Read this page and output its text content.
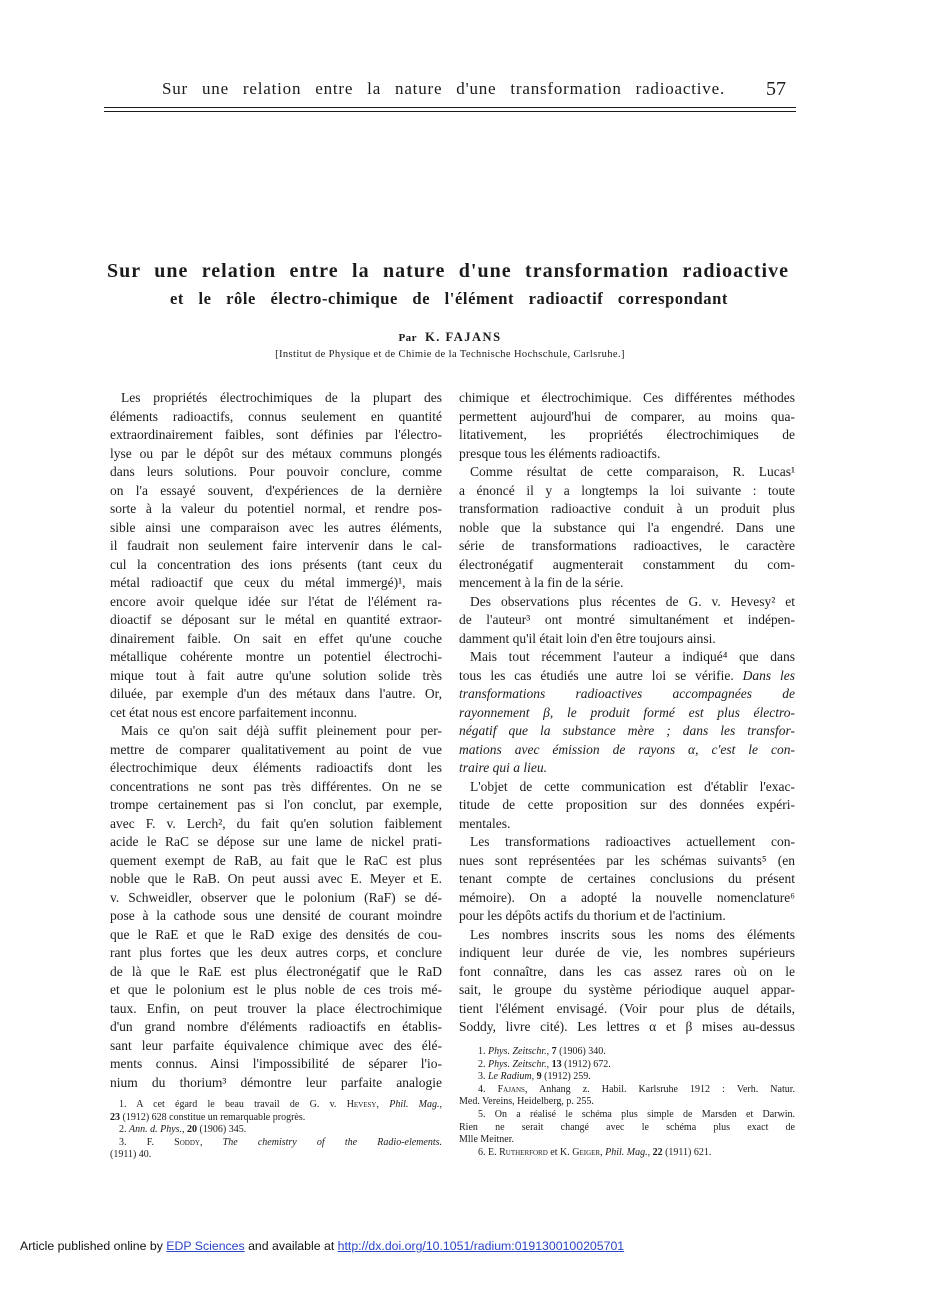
Sur une relation entre la nature d'une transformation radioactive. 57
Sur une relation entre la nature d'une transformation radioactive
et le rôle électro-chimique de l'élément radioactif correspondant
Par K. FAJANS
[Institut de Physique et de Chimie de la Technische Hochschule, Carlsruhe.]
Les propriétés électrochimiques de la plupart des
éléments radioactifs, connus seulement en quantité
extraordinairement faibles, sont définies par l'électro-
lyse ou par le dépôt sur des métaux communs plongés
dans leurs solutions. Pour pouvoir conclure, comme
on l'a essayé souvent, d'expériences de la dernière
sorte à la valeur du potentiel normal, et rendre pos-
sible ainsi une comparaison avec les autres éléments,
il faudrait non seulement faire intervenir dans le cal-
cul la concentration des ions présents (tant ceux du
métal radioactif que ceux du métal immergé)¹, mais
encore avoir quelque idée sur l'état de l'élément ra-
dioactif se déposant sur le métal en quantité extraor-
dinairement faible. On sait en effet qu'une couche
métallique cohérente montre un potentiel électrochi-
mique tout à fait autre qu'une solution solide très
diluée, par exemple d'un des métaux dans l'autre. Or,
cet état nous est encore parfaitement inconnu.
Mais ce qu'on sait déjà suffit pleinement pour per-
mettre de comparer qualitativement au point de vue
électrochimique deux éléments radioactifs dont les
concentrations ne sont pas très différentes. On ne se
trompe certainement pas si l'on conclut, par exemple,
avec F. v. Lerch², du fait qu'en solution faiblement
acide le RaC se dépose sur une lame de nickel prati-
quement exempt de RaB, au fait que le RaC est plus
noble que le RaB. On peut aussi avec E. Meyer et E.
v. Schweidler, observer que le polonium (RaF) se dé-
pose à la cathode sous une densité de courant moindre
que le RaE et que le RaD exige des densités de cou-
rant plus fortes que les deux autres corps, et conclure
de là que le RaE est plus électronégatif que le RaD
et que le polonium est le plus noble de ces trois mé-
taux. Enfin, on peut trouver la place électrochimique
d'un grand nombre d'éléments radioactifs en établis-
sant leur parfaite équivalence chimique avec des élé-
ments connus. Ainsi l'impossibilité de séparer l'io-
nium du thorium³ démontre leur parfaite analogie
1. A cet égard le beau travail de G. v. Hevesy, Phil. Mag.,
23 (1912) 628 constitue un remarquable progrès.
2. Ann. d. Phys., 20 (1906) 345.
3. F. Soddy, The chemistry of the Radio-elements.
(1911) 40.
chimique et électrochimique. Ces différentes méthodes
permettent aujourd'hui de comparer, au moins qua-
litativement, les propriétés électrochimiques de
presque tous les éléments radioactifs.
Comme résultat de cette comparaison, R. Lucas¹
a énoncé il y a longtemps la loi suivante : toute
transformation radioactive conduit à un produit plus
noble que la substance qui l'a engendré. Dans une
série de transformations radioactives, le caractère
électronégatif augmenterait constamment du com-
mencement à la fin de la série.
Des observations plus récentes de G. v. Hevesy² et
de l'auteur³ ont montré simultanément et indépen-
damment qu'il était loin d'en être toujours ainsi.
Mais tout récemment l'auteur a indiqué⁴ que dans
tous les cas étudiés une autre loi se vérifie. Dans les
transformations radioactives accompagnées de
rayonnement β, le produit formé est plus électro-
négatif que la substance mère ; dans les transfor-
mations avec émission de rayons α, c'est le con-
traire qui a lieu.
L'objet de cette communication est d'établir l'exac-
titude de cette proposition sur des données expéri-
mentales.
Les transformations radioactives actuellement con-
nues sont représentées par les schémas suivants⁵ (en
tenant compte de certaines conclusions du présent
mémoire). On a adopté la nouvelle nomenclature⁶
pour les dépôts actifs du thorium et de l'actinium.
Les nombres inscrits sous les noms des éléments
indiquent leur durée de vie, les nombres supérieurs
font connaître, dans les cas assez rares où on le
sait, le groupe du système périodique auquel appar-
tient l'élément envisagé. (Voir pour plus de détails,
Soddy, livre cité). Les lettres α et β mises au-dessus
1. Phys. Zeitschr., 7 (1906) 340.
2. Phys. Zeitschr., 13 (1912) 672.
3. Le Radium, 9 (1912) 259.
4. Fajans, Anhang z. Habil. Karlsruhe 1912 : Verh. Natur.
Med. Vereins, Heidelberg, p. 255.
5. On a réalisé le schéma plus simple de Marsden et Darwin.
Rien ne serait changé avec le schéma plus exact de
Mlle Meitner.
6. E. Rutherford et K. Geiger, Phil. Mag., 22 (1911) 621.
Article published online by EDP Sciences and available at http://dx.doi.org/10.1051/radium:0191300100205701
